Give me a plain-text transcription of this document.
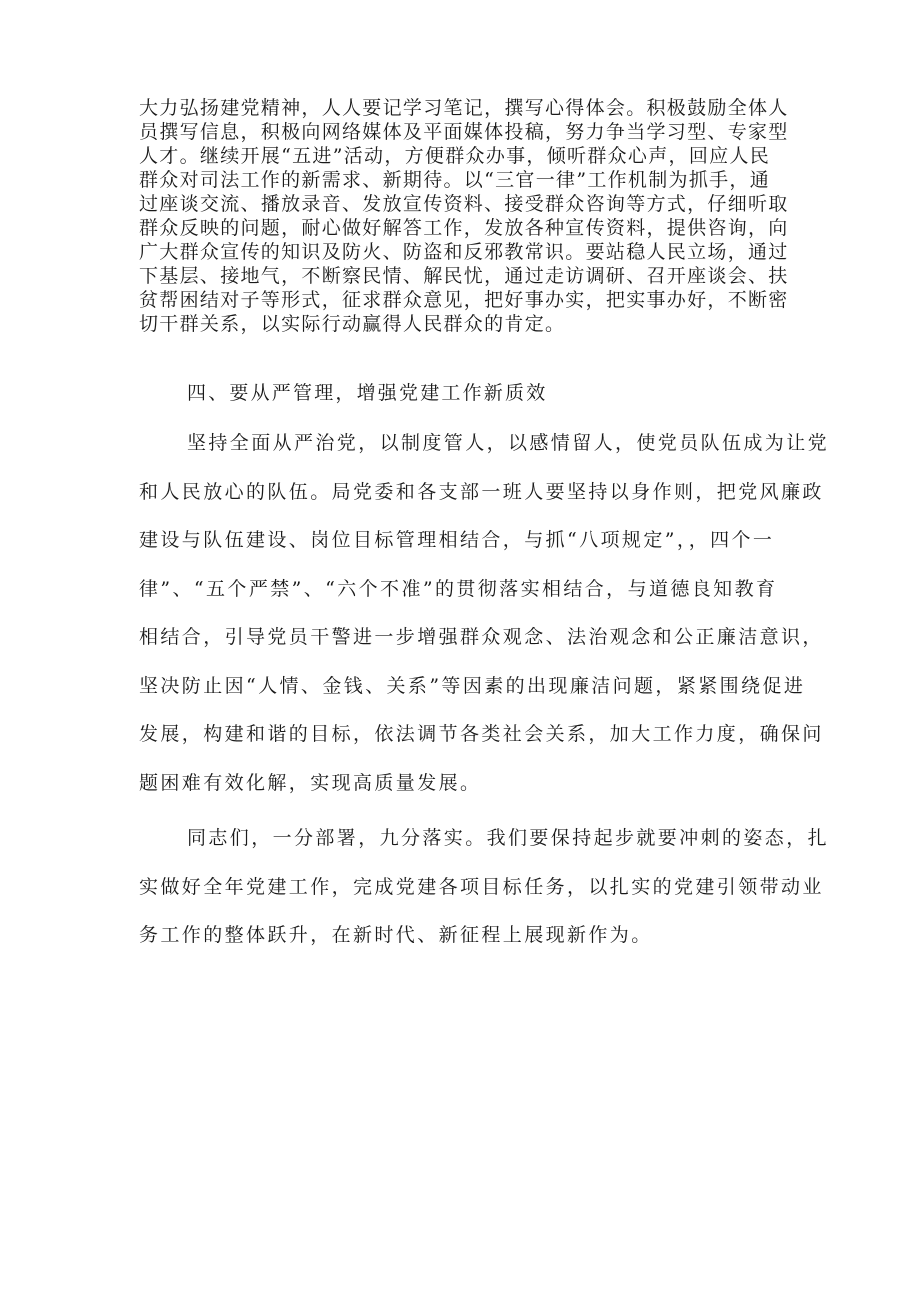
大力弘扬建党精神，人人要记学习笔记，撰写心得体会。积极鼓励全体人
员撰写信息，积极向网络媒体及平面媒体投稿，努力争当学习型、专家型
人才。继续开展“五进”活动，方便群众办事，倾听群众心声，回应人民
群众对司法工作的新需求、新期待。以“三官一律”工作机制为抓手，通
过座谈交流、播放录音、发放宣传资料、接受群众咨询等方式，仔细听取
群众反映的问题，耐心做好解答工作，发放各种宣传资料，提供咨询，向
广大群众宣传的知识及防火、防盗和反邪教常识。要站稳人民立场，通过
下基层、接地气，不断察民情、解民忧，通过走访调研、召开座谈会、扶
贫帮困结对子等形式，征求群众意见，把好事办实，把实事办好，不断密
切干群关系，以实际行动赢得人民群众的肯定。
四、要从严管理，增强党建工作新质效
坚持全面从严治党，以制度管人，以感情留人，使党员队伍成为让党
和人民放心的队伍。局党委和各支部一班人要坚持以身作则，把党风廉政
建设与队伍建设、岗位目标管理相结合，与抓“八项规定”，，四个一
律”、“五个严禁”、“六个不准”的贯彻落实相结合，与道德良知教育
相结合，引导党员干警进一步增强群众观念、法治观念和公正廉洁意识，
坚决防止因“人情、金钱、关系”等因素的出现廉洁问题，紧紧围绕促进
发展，构建和谐的目标，依法调节各类社会关系，加大工作力度，确保问
题困难有效化解，实现高质量发展。
同志们，一分部署，九分落实。我们要保持起步就要冲刺的姿态，扎
实做好全年党建工作，完成党建各项目标任务，以扎实的党建引领带动业
务工作的整体跃升，在新时代、新征程上展现新作为。
